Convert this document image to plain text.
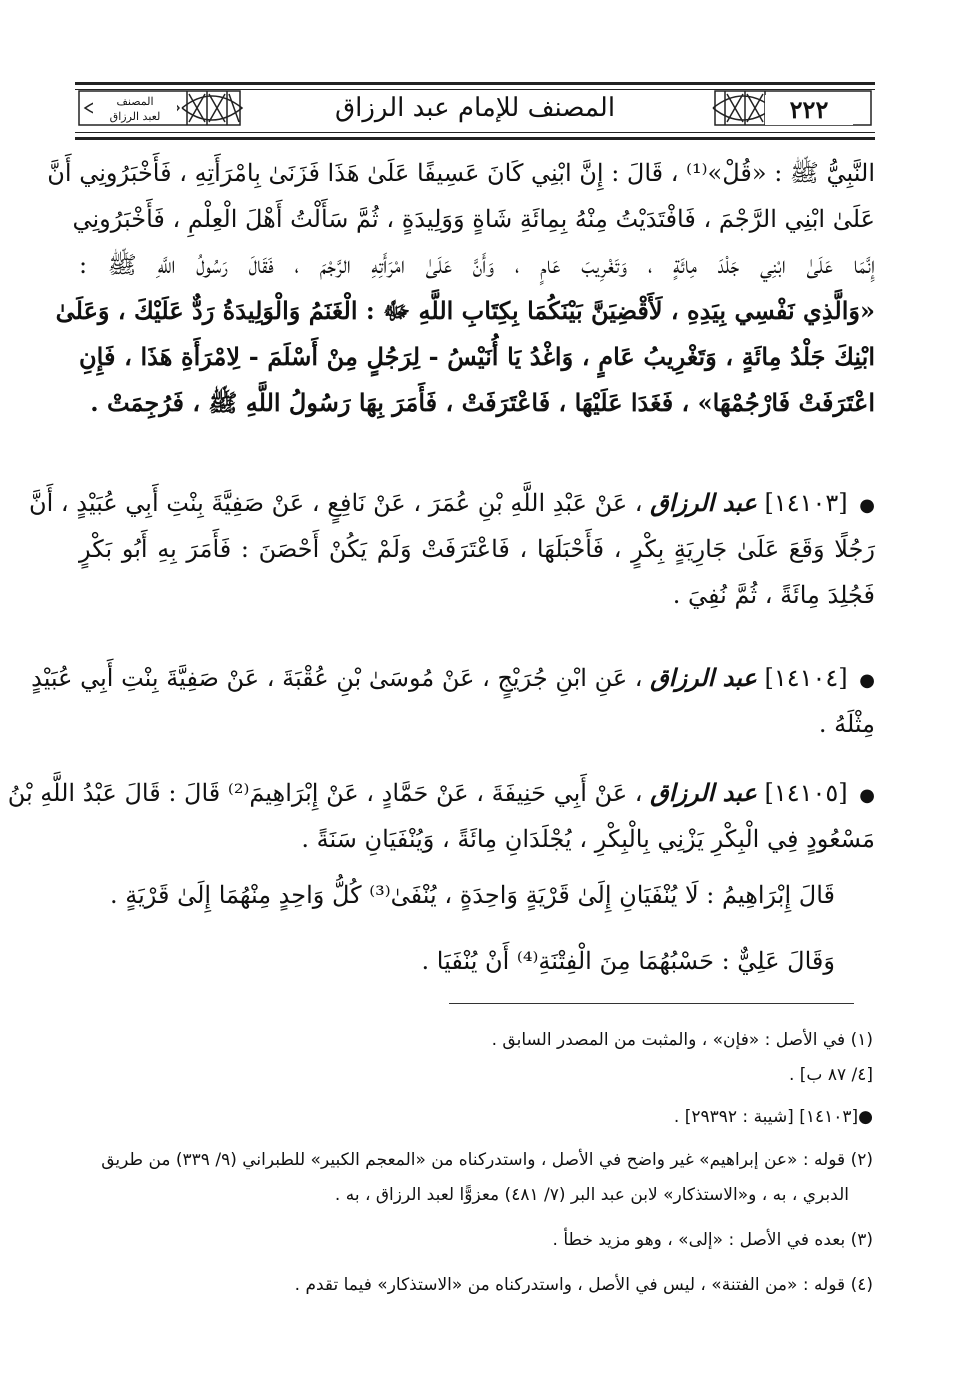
المصنف
لعبد الرزاق	المصنف للإمام عبد الرزاق	٢٢٢
النَّبِيُّ ﷺ : «قُلْ»⁽¹⁾ ، قَالَ : إِنَّ ابْنِي كَانَ عَسِيفًا عَلَىٰ هَذَا فَزَنَىٰ بِامْرَأَتِهِ ، فَأَخْبَرُونِي أَنَّ
عَلَىٰ ابْنِي الرَّجْمَ ، فَافْتَدَيْتُ مِنْهُ بِمِائَةِ شَاةٍ وَوَلِيدَةٍ ، ثُمَّ سَأَلْتُ أَهْلَ الْعِلْمِ ، فَأَخْبَرُونِي
إِنَّمَا عَلَىٰ ابْنِي جَلْدَ مِائَةٍ ، وَتَغْرِيبَ عَامٍ ، وَأَنَّ عَلَىٰ امْرَأَتِهِ الرَّجْمَ ، فَقَالَ رَسُولُ اللَّهِ ﷺ :
«وَالَّذِي نَفْسِي بِيَدِهِ ، لَأَقْضِيَنَّ بَيْنَكُمَا بِكِتَابِ اللَّهِ ﷻ : الْغَنَمُ وَالْوَلِيدَةُ رَدٌّ عَلَيْكَ ، وَعَلَىٰ
ابْنِكَ جَلْدُ مِائَةٍ ، وَتَغْرِيبُ عَامٍ ، وَاغْدُ يَا أُنَيْسُ - لِرَجُلٍ مِنْ أَسْلَمَ - لِامْرَأَةِ هَذَا ، فَإِنِ
اعْتَرَفَتْ فَارْجُمْهَا» ، فَغَدَا عَلَيْهَا ، فَاعْتَرَفَتْ ، فَأَمَرَ بِهَا رَسُولُ اللَّهِ ﷺ ، فَرُجِمَتْ .
● [١٤١٠٣] عبد الرزاق ، عَنْ عَبْدِ اللَّهِ بْنِ عُمَرَ ، عَنْ نَافِعٍ ، عَنْ صَفِيَّةَ بِنْتِ أَبِي عُبَيْدٍ ، أَنَّ
رَجُلًا وَقَعَ عَلَىٰ جَارِيَةٍ بِكْرٍ ، فَأَحْبَلَهَا ، فَاعْتَرَفَتْ وَلَمْ يَكُنْ أَحْصَنَ : فَأَمَرَ بِهِ أَبُو بَكْرٍ
فَجُلِدَ مِائَةً ، ثُمَّ نُفِيَ .
● [١٤١٠٤] عبد الرزاق ، عَنِ ابْنِ جُرَيْجٍ ، عَنْ مُوسَىٰ بْنِ عُقْبَةَ ، عَنْ صَفِيَّةَ بِنْتِ أَبِي عُبَيْدٍ
مِثْلَهُ .
● [١٤١٠٥] عبد الرزاق ، عَنْ أَبِي حَنِيفَةَ ، عَنْ حَمَّادٍ ، عَنْ إِبْرَاهِيمَ⁽²⁾ قَالَ : قَالَ عَبْدُ اللَّهِ بْنُ
مَسْعُودٍ فِي الْبِكْرِ يَزْنِي بِالْبِكْرِ ، يُجْلَدَانِ مِائَةً ، وَيُنْفَيَانِ سَنَةً .
قَالَ إِبْرَاهِيمُ : لَا يُنْفَيَانِ إِلَىٰ قَرْيَةٍ وَاحِدَةٍ ، يُنْفَىٰ⁽³⁾ كُلُّ وَاحِدٍ مِنْهُمَا إِلَىٰ قَرْيَةٍ .
وَقَالَ عَلِيٌّ : حَسْبُهُمَا مِنَ الْفِتْنَةِ⁽⁴⁾ أَنْ يُنْفَيَا .
(١) في الأصل : «فإن» ، والمثبت من المصدر السابق .
[٤/ ٨٧ ب] .
●[١٤١٠٣] [شيبة : ٢٩٣٩٢] .
(٢) قوله : «عن إبراهيم» غير واضح في الأصل ، واستدركناه من «المعجم الكبير» للطبراني (٩/ ٣٣٩) من طريق
الدبري ، به ، و«الاستذكار» لابن عبد البر (٧/ ٤٨١) معزوًّا لعبد الرزاق ، به .
(٣) بعده في الأصل : «إلى» ، وهو مزيد خطأ .
(٤) قوله : «من الفتنة» ، ليس في الأصل ، واستدركناه من «الاستذكار» فيما تقدم .
